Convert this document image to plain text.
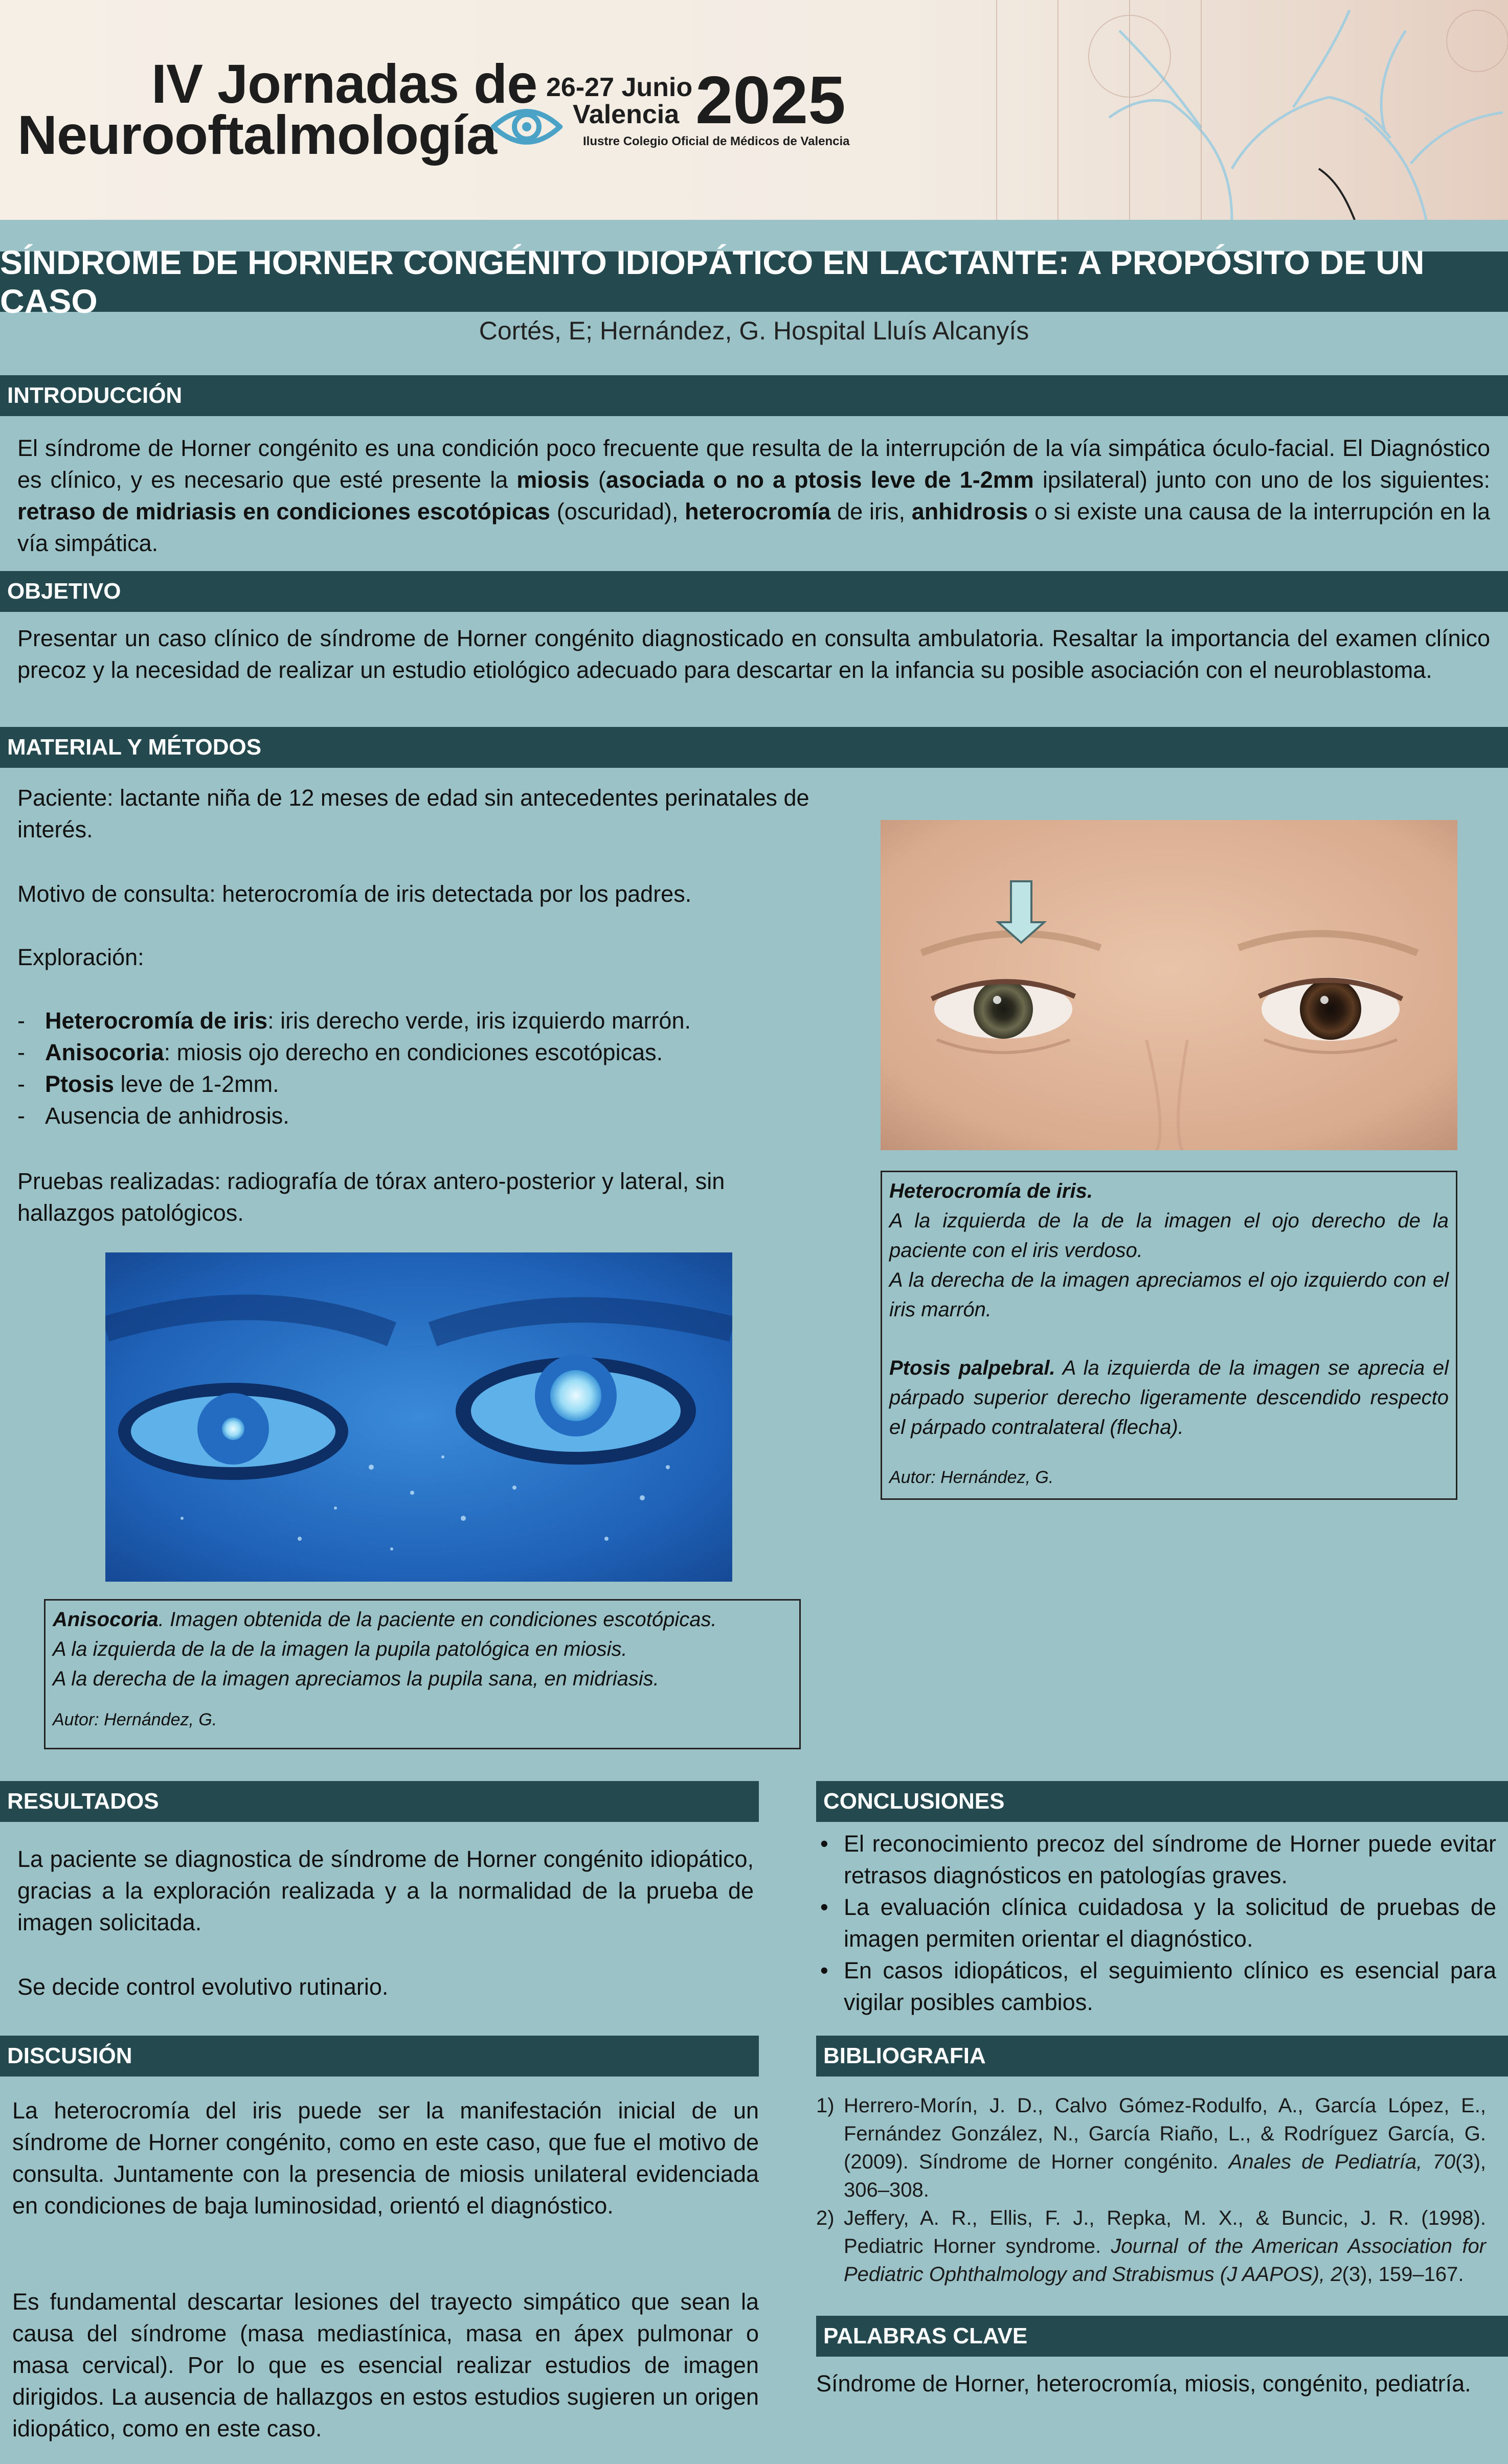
IV Jornadas de
Neurooftalmología
26-27 Junio
Valencia 2025
Ilustre Colegio Oficial de Médicos de Valencia
SÍNDROME DE HORNER CONGÉNITO IDIOPÁTICO EN LACTANTE: A PROPÓSITO DE UN CASO
Cortés, E; Hernández, G. Hospital Lluís Alcanyís
INTRODUCCIÓN
El síndrome de Horner congénito es una condición poco frecuente que resulta de la interrupción de la vía simpática óculo-facial. El Diagnóstico es clínico, y es necesario que esté presente la miosis (asociada o no a ptosis leve de 1-2mm ipsilateral) junto con uno de los siguientes: retraso de midriasis en condiciones escotópicas (oscuridad), heterocromía de iris, anhidrosis o si existe una causa de la interrupción en la vía simpática.
OBJETIVO
Presentar un caso clínico de síndrome de Horner congénito diagnosticado en consulta ambulatoria. Resaltar la importancia del examen clínico precoz y la necesidad de realizar un estudio etiológico adecuado para descartar en la infancia su posible asociación con el neuroblastoma.
MATERIAL Y MÉTODOS
Paciente: lactante niña de 12 meses de edad sin antecedentes perinatales de interés.
Motivo de consulta: heterocromía de iris detectada por los padres.
Exploración:
- Heterocromía de iris: iris derecho verde, iris izquierdo marrón.
- Anisocoria: miosis ojo derecho en condiciones escotópicas.
- Ptosis leve de 1-2mm.
- Ausencia de anhidrosis.
Pruebas realizadas: radiografía de tórax antero-posterior y lateral, sin hallazgos patológicos.
Heterocromía de iris.
A la izquierda de la de la imagen el ojo derecho de la paciente con el iris verdoso.
A la derecha de la imagen apreciamos el ojo izquierdo con el iris marrón.
Ptosis palpebral. A la izquierda de la imagen se aprecia el párpado superior derecho ligeramente descendido respecto el párpado contralateral (flecha).
Autor: Hernández, G.
Anisocoria. Imagen obtenida de la paciente en condiciones escotópicas.
A la izquierda de la de la imagen la pupila patológica en miosis.
A la derecha de la imagen apreciamos la pupila sana, en midriasis.
Autor: Hernández, G.
RESULTADOS
La paciente se diagnostica de síndrome de Horner congénito idiopático, gracias a la exploración realizada y a la normalidad de la prueba de imagen solicitada.
Se decide control evolutivo rutinario.
CONCLUSIONES
• El reconocimiento precoz del síndrome de Horner puede evitar retrasos diagnósticos en patologías graves.
• La evaluación clínica cuidadosa y la solicitud de pruebas de imagen permiten orientar el diagnóstico.
• En casos idiopáticos, el seguimiento clínico es esencial para vigilar posibles cambios.
DISCUSIÓN
La heterocromía del iris puede ser la manifestación inicial de un síndrome de Horner congénito, como en este caso, que fue el motivo de consulta. Juntamente con la presencia de miosis unilateral evidenciada en condiciones de baja luminosidad, orientó el diagnóstico.
Es fundamental descartar lesiones del trayecto simpático que sean la causa del síndrome (masa mediastínica, masa en ápex pulmonar o masa cervical). Por lo que es esencial realizar estudios de imagen dirigidos. La ausencia de hallazgos en estos estudios sugieren un origen idiopático, como en este caso.
BIBLIOGRAFIA
1) Herrero-Morín, J. D., Calvo Gómez-Rodulfo, A., García López, E., Fernández González, N., García Riaño, L., & Rodríguez García, G. (2009). Síndrome de Horner congénito. Anales de Pediatría, 70(3), 306–308.
2) Jeffery, A. R., Ellis, F. J., Repka, M. X., & Buncic, J. R. (1998). Pediatric Horner syndrome. Journal of the American Association for Pediatric Ophthalmology and Strabismus (J AAPOS), 2(3), 159–167.
PALABRAS CLAVE
Síndrome de Horner, heterocromía, miosis, congénito, pediatría.
